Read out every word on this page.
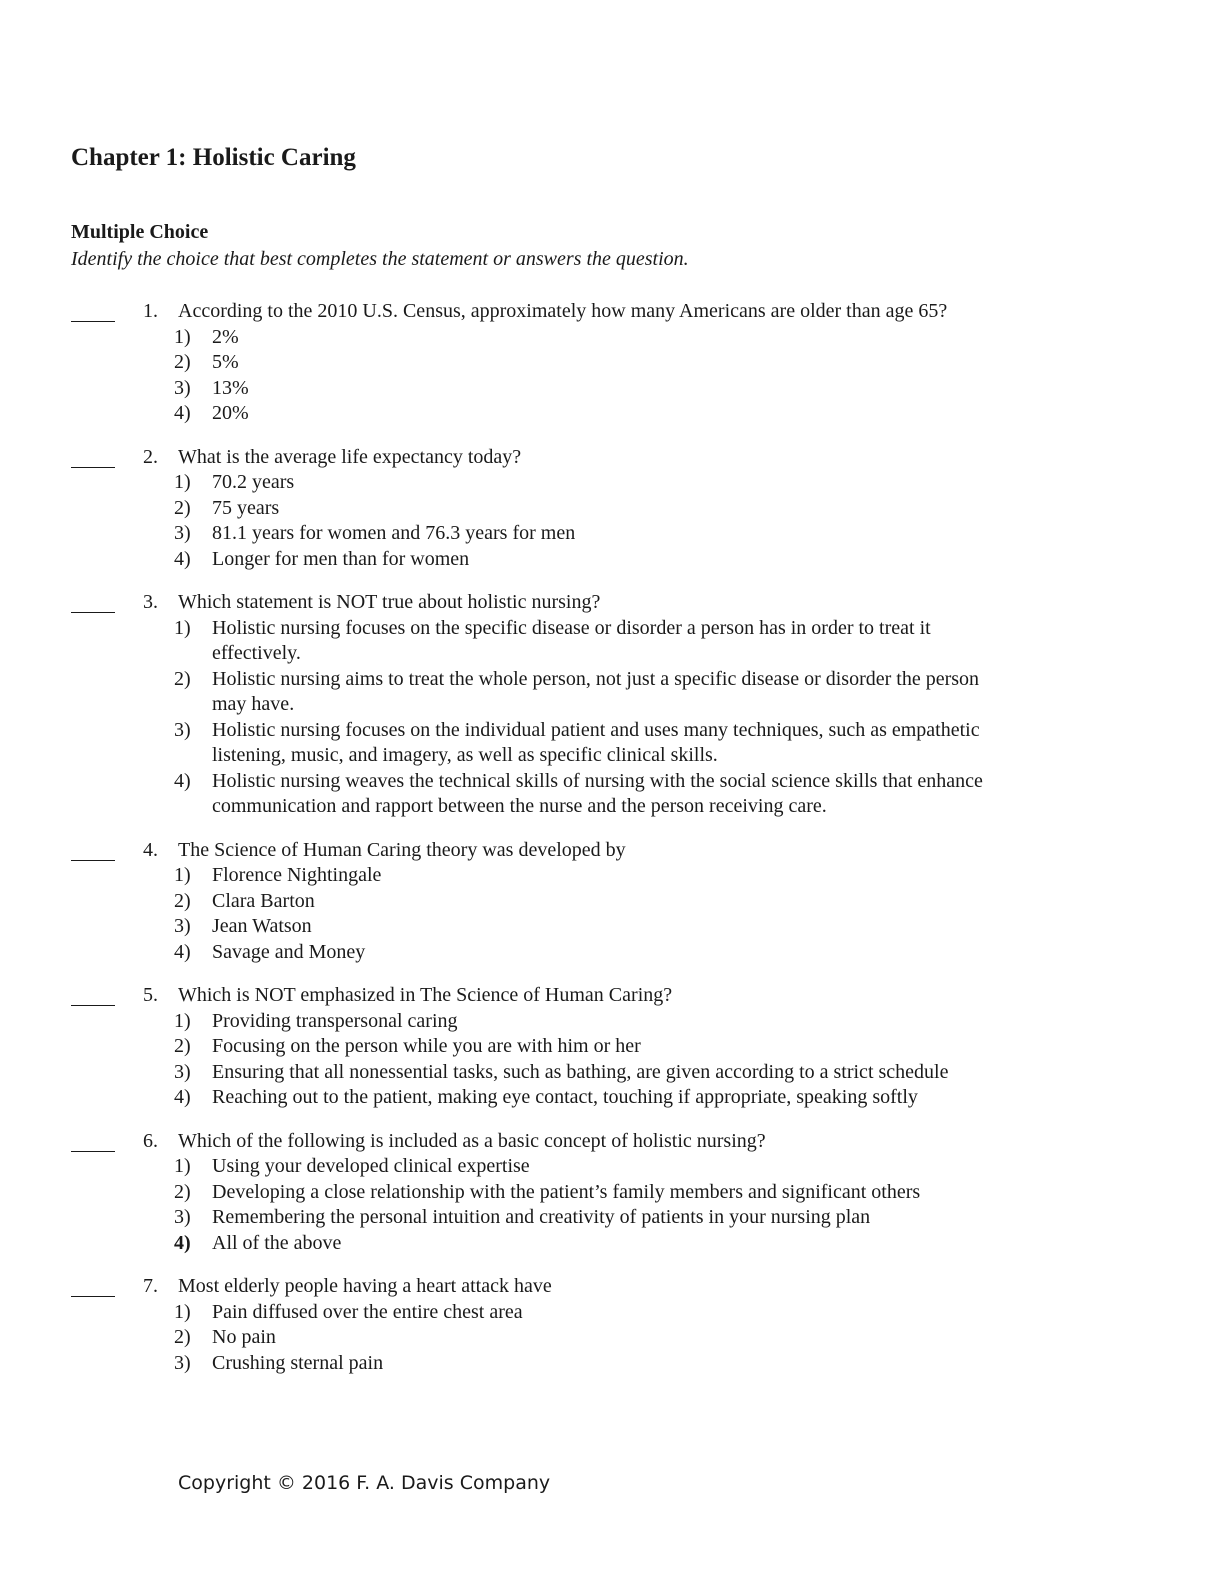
Chapter 1: Holistic Caring
Multiple Choice

Identify the choice that best completes the statement or answers the question.

1. According to the 2010 U.S. Census, approximately how many Americans are older than age 65?
1) 2%
2) 5%
3) 13%
4) 20%
2. What is the average life expectancy today?
1) 70.2 years
2) 75 years
3) 81.1 years for women and 76.3 years for men
4) Longer for men than for women
3. Which statement is NOT true about holistic nursing?
1) Holistic nursing focuses on the specific disease or disorder a person has in order to treat it effectively.
2) Holistic nursing aims to treat the whole person, not just a specific disease or disorder the person may have.
3) Holistic nursing focuses on the individual patient and uses many techniques, such as empathetic listening, music, and imagery, as well as specific clinical skills.
4) Holistic nursing weaves the technical skills of nursing with the social science skills that enhance communication and rapport between the nurse and the person receiving care.
4. The Science of Human Caring theory was developed by
1) Florence Nightingale
2) Clara Barton
3) Jean Watson
4) Savage and Money
5. Which is NOT emphasized in The Science of Human Caring?
1) Providing transpersonal caring
2) Focusing on the person while you are with him or her
3) Ensuring that all nonessential tasks, such as bathing, are given according to a strict schedule
4) Reaching out to the patient, making eye contact, touching if appropriate, speaking softly
6. Which of the following is included as a basic concept of holistic nursing?
1) Using your developed clinical expertise
2) Developing a close relationship with the patient’s family members and significant others
3) Remembering the personal intuition and creativity of patients in your nursing plan
4) All of the above
7. Most elderly people having a heart attack have
1) Pain diffused over the entire chest area
2) No pain
3) Crushing sternal pain

Copyright © 2016 F. A. Davis Company
